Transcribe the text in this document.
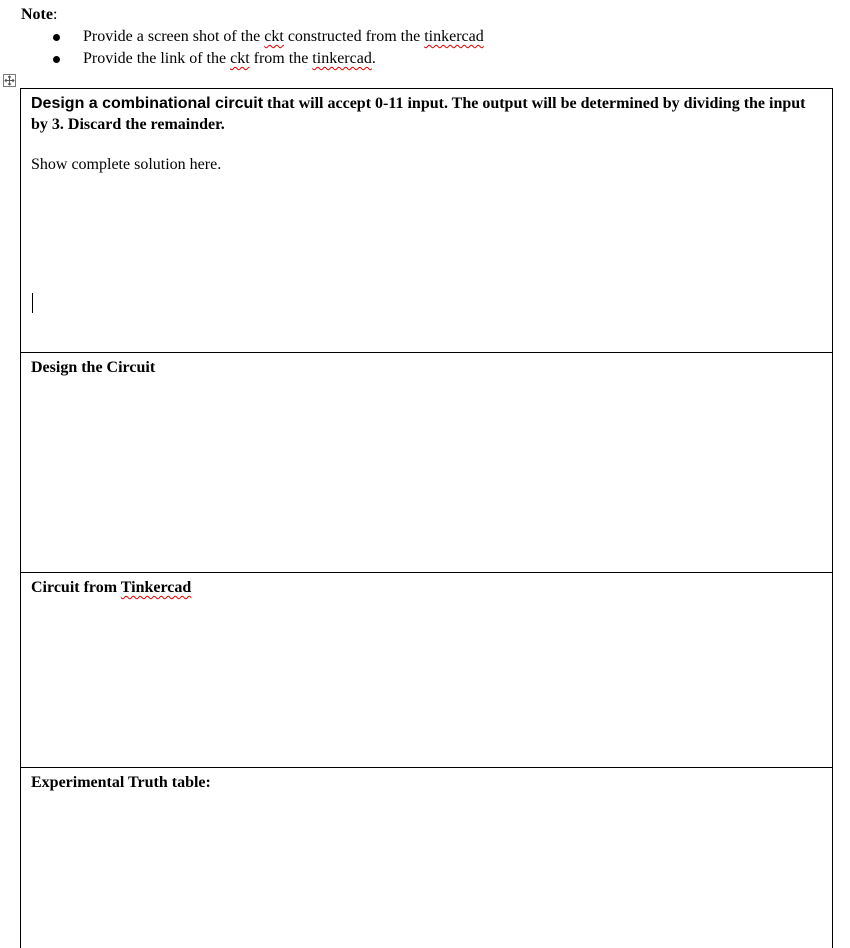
Note:
Provide a screen shot of the ckt constructed from the tinkercad
Provide the link of the ckt from the tinkercad.
Design a combinational circuit that will accept 0-11 input. The output will be determined by dividing the input by 3. Discard the remainder.
Show complete solution here.

Design the Circuit

Circuit from Tinkercad

Experimental Truth table:
